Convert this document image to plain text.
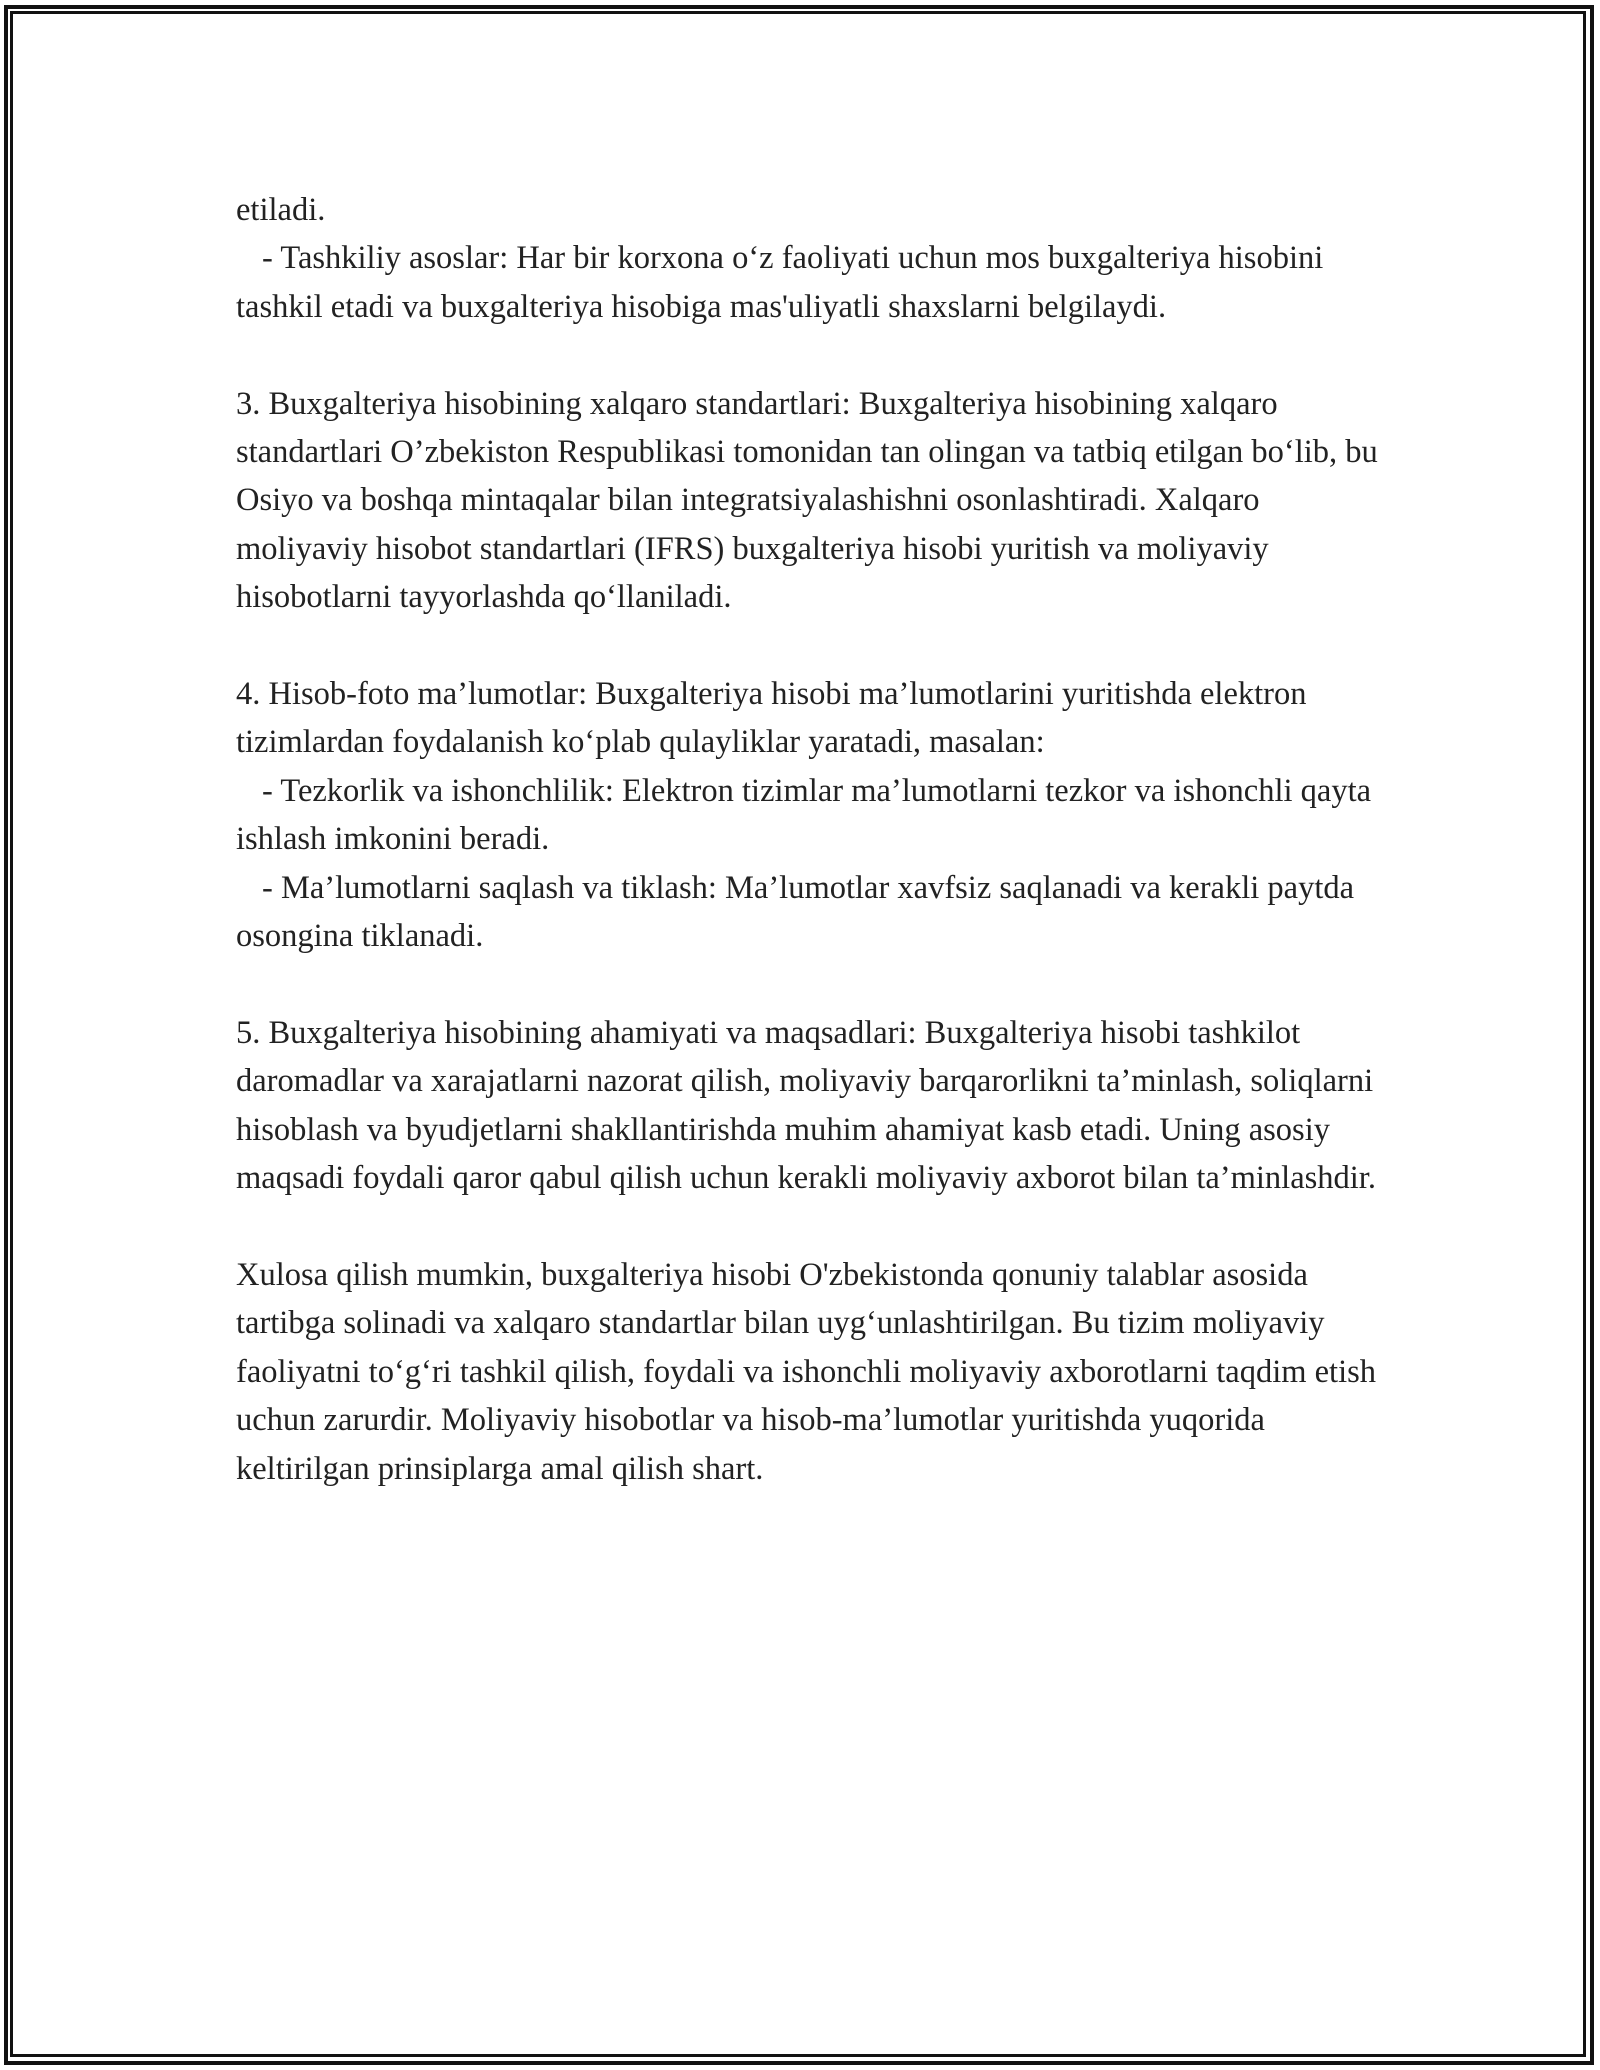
etiladi.

- Tashkiliy asoslar: Har bir korxona o‘z faoliyati uchun mos buxgalteriya hisobini tashkil etadi va buxgalteriya hisobiga mas'uliyatli shaxslarni belgilaydi.

3. Buxgalteriya hisobining xalqaro standartlari: Buxgalteriya hisobining xalqaro standartlari O’zbekiston Respublikasi tomonidan tan olingan va tatbiq etilgan bo‘lib, bu Osiyo va boshqa mintaqalar bilan integratsiyalashishni osonlashtiradi. Xalqaro moliyaviy hisobot standartlari (IFRS) buxgalteriya hisobi yuritish va moliyaviy hisobotlarni tayyorlashda qo‘llaniladi.

4. Hisob-foto ma’lumotlar: Buxgalteriya hisobi ma’lumotlarini yuritishda elektron tizimlardan foydalanish ko‘plab qulayliklar yaratadi, masalan:

- Tezkorlik va ishonchlilik: Elektron tizimlar ma’lumotlarni tezkor va ishonchli qayta ishlash imkonini beradi.

- Ma’lumotlarni saqlash va tiklash: Ma’lumotlar xavfsiz saqlanadi va kerakli paytda osongina tiklanadi.

5. Buxgalteriya hisobining ahamiyati va maqsadlari: Buxgalteriya hisobi tashkilot daromadlar va xarajatlarni nazorat qilish, moliyaviy barqarorlikni ta’minlash, soliqlarni hisoblash va byudjetlarni shakllantirishda muhim ahamiyat kasb etadi. Uning asosiy maqsadi foydali qaror qabul qilish uchun kerakli moliyaviy axborot bilan ta’minlashdir.

Xulosa qilish mumkin, buxgalteriya hisobi O'zbekistonda qonuniy talablar asosida tartibga solinadi va xalqaro standartlar bilan uyg‘unlashtirilgan. Bu tizim moliyaviy faoliyatni to‘g‘ri tashkil qilish, foydali va ishonchli moliyaviy axborotlarni taqdim etish uchun zarurdir. Moliyaviy hisobotlar va hisob-ma’lumotlar yuritishda yuqorida keltirilgan prinsiplarga amal qilish shart.
